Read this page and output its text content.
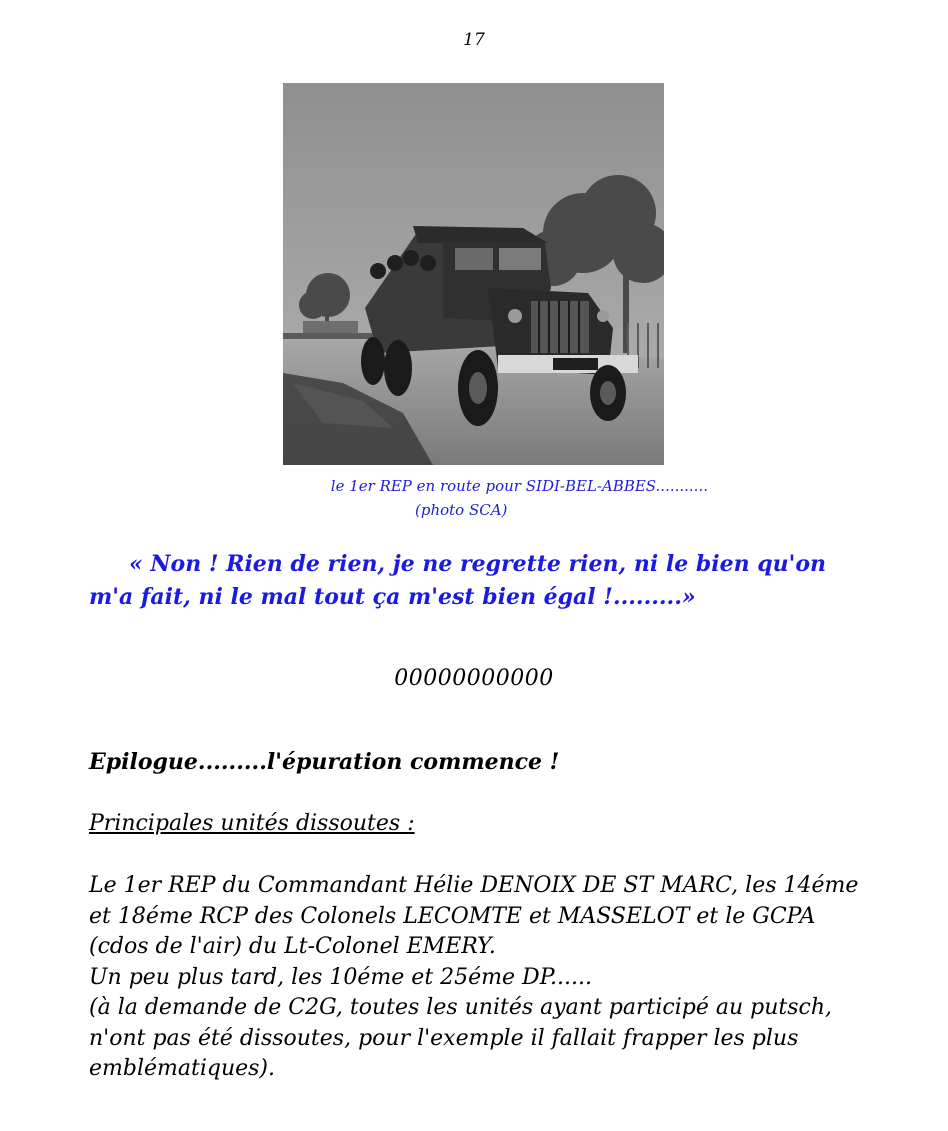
17
le 1er REP en route pour SIDI-BEL-ABBES...........
(photo SCA)
« Non ! Rien de rien, je ne regrette rien, ni le bien qu'on m'a fait, ni le mal tout ça m'est bien égal !.........»
00000000000
Epilogue.........l'épuration commence !
Principales unités dissoutes :

Le 1er REP du Commandant Hélie DENOIX DE ST MARC, les 14éme et 18éme RCP des Colonels LECOMTE et MASSELOT et le GCPA (cdos de l'air) du Lt-Colonel EMERY.

Un peu plus tard, les 10éme et 25éme DP......

(à la demande de C2G, toutes les unités ayant participé au putsch, n'ont pas été dissoutes, pour l'exemple il fallait frapper les plus emblématiques).
